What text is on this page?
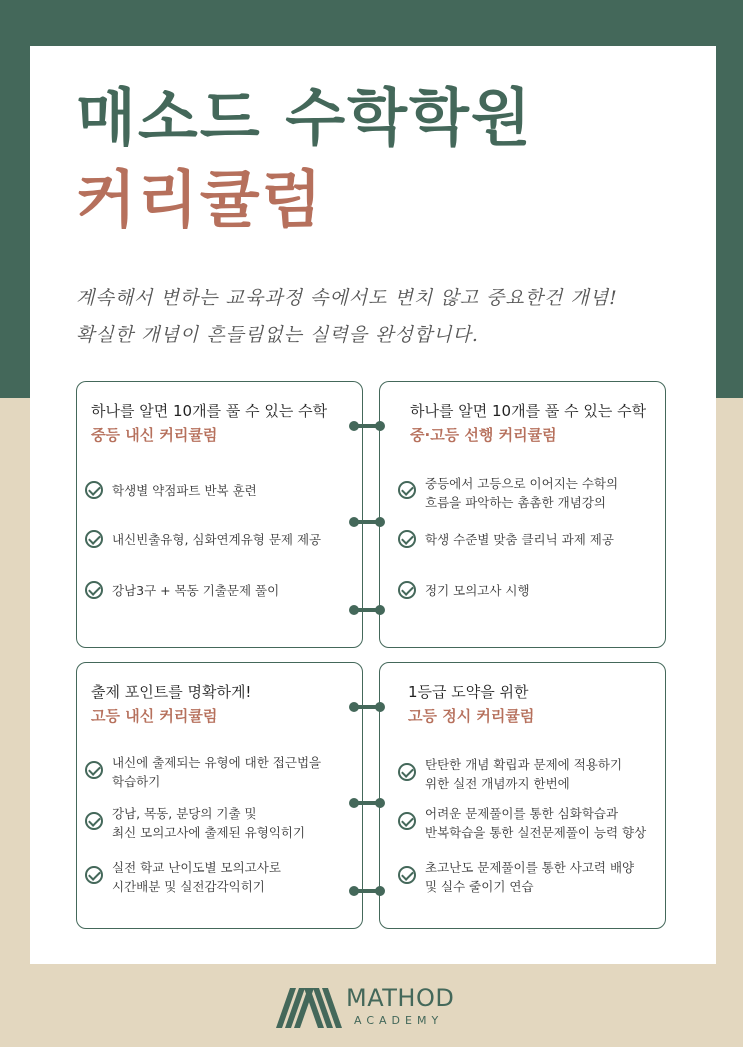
매소드 수학학원
커리큘럼
계속해서 변하는 교육과정 속에서도 변치 않고 중요한건 개념!
확실한 개념이 흔들림없는 실력을 완성합니다.
하나를 알면 10개를 풀 수 있는 수학
중등 내신 커리큘럼
학생별 약점파트 반복 훈련
내신빈출유형, 심화연계유형 문제 제공
강남3구 + 목동 기출문제 풀이
하나를 알면 10개를 풀 수 있는 수학
중·고등 선행 커리큘럼
중등에서 고등으로 이어지는 수학의
흐름을 파악하는 촘촘한 개념강의
학생 수준별 맞춤 클리닉 과제 제공
정기 모의고사 시행
출제 포인트를 명확하게!
고등 내신 커리큘럼
내신에 출제되는 유형에 대한 접근법을
학습하기
강남, 목동, 분당의 기출 및
최신 모의고사에 출제된 유형익히기
실전 학교 난이도별 모의고사로
시간배분 및 실전감각익히기
1등급 도약을 위한
고등 정시 커리큘럼
탄탄한 개념 확립과 문제에 적용하기
위한 실전 개념까지 한번에
어려운 문제풀이를 통한 심화학습과
반복학습을 통한 실전문제풀이 능력 향상
초고난도 문제풀이를 통한 사고력 배양
및 실수 줄이기 연습
MATHOD
ACADEMY
